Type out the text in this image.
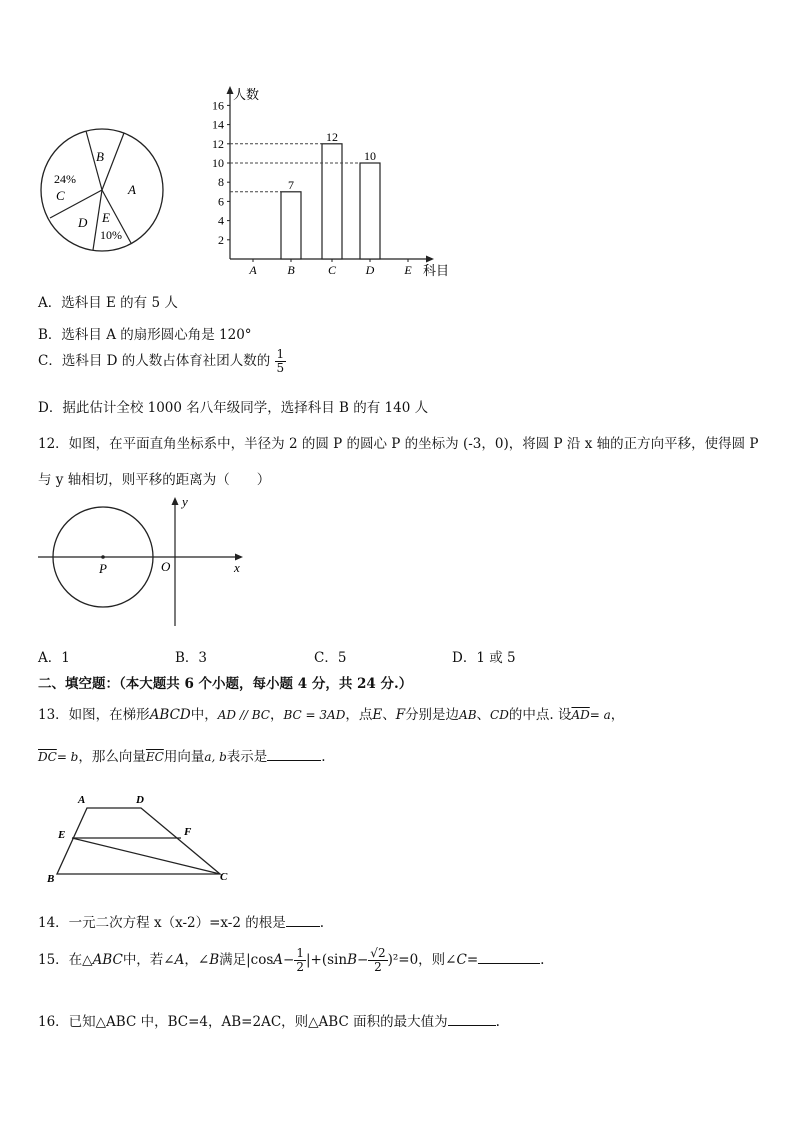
B
A
C
24%
D E
10%	2
4
6
8
10
12
14
16
7
12
10
A	B	C D E
人数
科目
A．选科目 E 的有 5 人
B．选科目 A 的扇形圆心角是 120°
C．选科目 D 的人数占体育社团人数的 $\frac{1}{5}$
D．据此估计全校 1000 名八年级同学，选择科目 B 的有 140 人
12．如图，在平面直角坐标系中，半径为 2 的圆 P 的圆心 P 的坐标为 (-3，0)，将圆 P 沿 x 轴的正方向平移，使得圆 P
与 y 轴相切，则平移的距离为（　　）
P	O	x
y
A．1	B．3	C．5	D．1 或 5
二、填空题：（本大题共 6 个小题，每小题 4 分，共 24 分.）
13．如图，在梯形ABCD中，AD // BC，BC = 3AD，点E、F分别是边AB、CD的中点. 设$\overline{AD}= a$，
$\overline{DC}= b$，那么向量$\overline{EC}$用向量a, b表示是	.
A	D
E	F
B	C
14．一元二次方程 x（x-2）=x-2 的根是	.
15．在△ABC中，若∠A，∠B满足$|\cos A- \frac{1}{2} |+(\sin B- \frac{√2}{2} )^2=0$，则∠C=	.
16．已知△ABC 中，BC=4，AB=2AC，则△ABC 面积的最大值为	.
